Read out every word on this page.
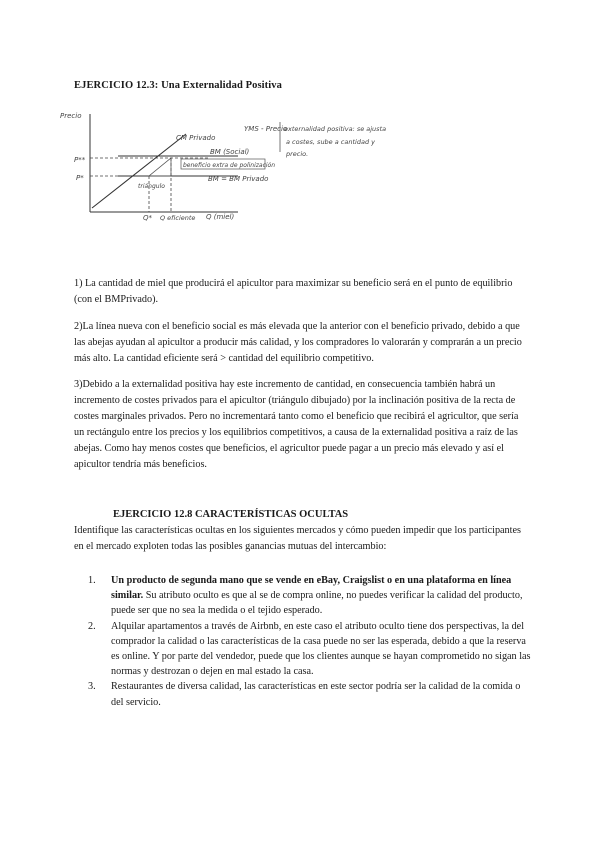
EJERCICIO 12.3: Una Externalidad Positiva
Precio
Q (miel)
P**
P*
CM Privado
triángulo
Q* Q eficiente
BM (Social)
beneficio extra de polinización
BM = BM Privado
YMS - Precio
externalidad positiva: se ajusta
a costes, sube a cantidad y
precio.
1) La cantidad de miel que producirá el apicultor para maximizar su beneficio será en el punto de equilibrio (con el BMPrivado).
2)La línea nueva con el beneficio social es más elevada que la anterior con el beneficio privado, debido a que las abejas ayudan al apicultor a producir más calidad, y los compradores lo valorarán y comprarán a un precio más alto. La cantidad eficiente será > cantidad del equilibrio competitivo.
3)Debido a la externalidad positiva hay este incremento de cantidad, en consecuencia también habrá un incremento de costes privados para el apicultor (triángulo dibujado) por la inclinación positiva de la recta de costes marginales privados. Pero no incrementará tanto como el beneficio que recibirá el agricultor, que sería un rectángulo entre los precios y los equilibrios competitivos, a causa de la externalidad positiva a raíz de las abejas. Como hay menos costes que beneficios, el agricultor puede pagar a un precio más elevado y así el apicultor tendría más beneficios.
EJERCICIO 12.8 CARACTERÍSTICAS OCULTAS
Identifique las características ocultas en los siguientes mercados y cómo pueden impedir que los participantes en el mercado exploten todas las posibles ganancias mutuas del intercambio:
1. Un producto de segunda mano que se vende en eBay, Craigslist o en una plataforma en línea similar. Su atributo oculto es que al se de compra online, no puedes verificar la calidad del producto, puede ser que no sea la medida o el tejido esperado.
2. Alquilar apartamentos a través de Airbnb, en este caso el atributo oculto tiene dos perspectivas, la del comprador la calidad o las características de la casa puede no ser las esperada, debido a que la reserva es online. Y por parte del vendedor, puede que los clientes aunque se hayan comprometido no sigan las normas y destrozan o dejen en mal estado la casa.
3. Restaurantes de diversa calidad, las características en este sector podría ser la calidad de la comida o del servicio.
